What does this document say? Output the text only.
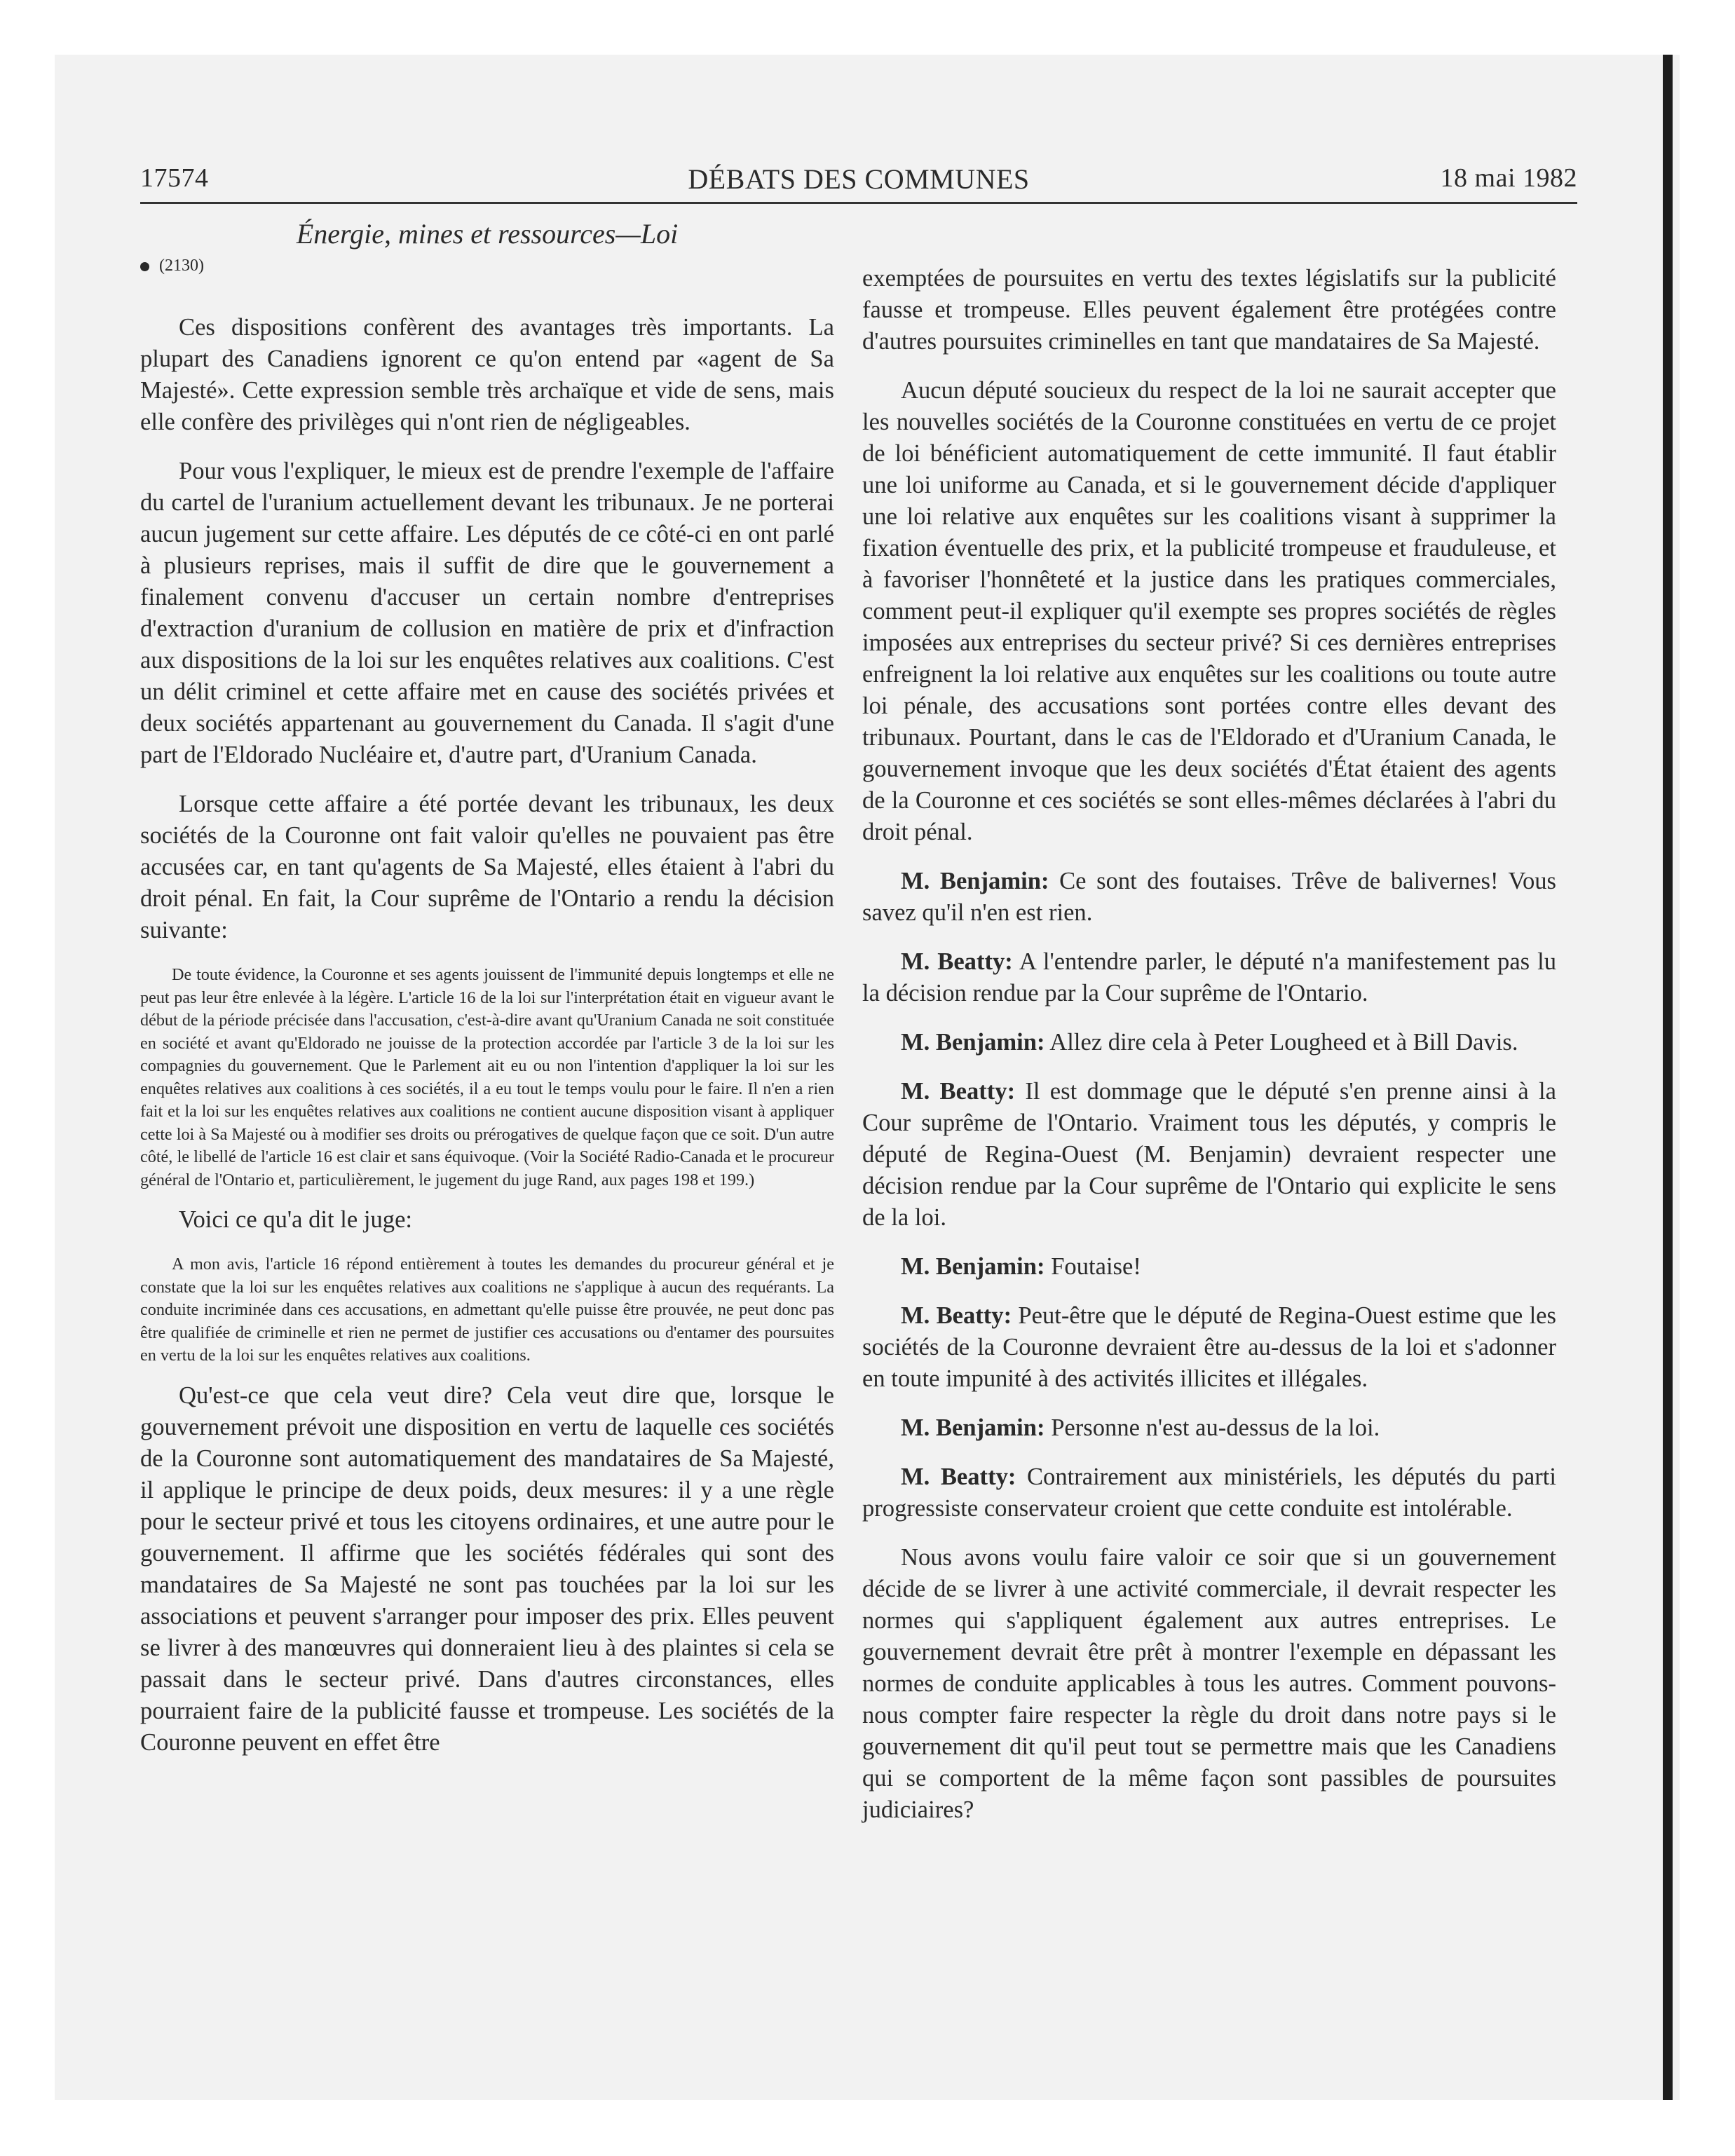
DÉBATS DES COMMUNES
17574	18 mai 1982
Énergie, mines et ressources—Loi
(2130)

Ces dispositions confèrent des avantages très importants. La plupart des Canadiens ignorent ce qu'on entend par «agent de Sa Majesté». Cette expression semble très archaïque et vide de sens, mais elle confère des privilèges qui n'ont rien de négligeables.

Pour vous l'expliquer, le mieux est de prendre l'exemple de l'affaire du cartel de l'uranium actuellement devant les tribunaux. Je ne porterai aucun jugement sur cette affaire. Les députés de ce côté-ci en ont parlé à plusieurs reprises, mais il suffit de dire que le gouvernement a finalement convenu d'accuser un certain nombre d'entreprises d'extraction d'uranium de collusion en matière de prix et d'infraction aux dispositions de la loi sur les enquêtes relatives aux coalitions. C'est un délit criminel et cette affaire met en cause des sociétés privées et deux sociétés appartenant au gouvernement du Canada. Il s'agit d'une part de l'Eldorado Nucléaire et, d'autre part, d'Uranium Canada.

Lorsque cette affaire a été portée devant les tribunaux, les deux sociétés de la Couronne ont fait valoir qu'elles ne pouvaient pas être accusées car, en tant qu'agents de Sa Majesté, elles étaient à l'abri du droit pénal. En fait, la Cour suprême de l'Ontario a rendu la décision suivante:

De toute évidence, la Couronne et ses agents jouissent de l'immunité depuis longtemps et elle ne peut pas leur être enlevée à la légère. L'article 16 de la loi sur l'interprétation était en vigueur avant le début de la période précisée dans l'accusation, c'est-à-dire avant qu'Uranium Canada ne soit constituée en société et avant qu'Eldorado ne jouisse de la protection accordée par l'article 3 de la loi sur les compagnies du gouvernement. Que le Parlement ait eu ou non l'intention d'appliquer la loi sur les enquêtes relatives aux coalitions à ces sociétés, il a eu tout le temps voulu pour le faire. Il n'en a rien fait et la loi sur les enquêtes relatives aux coalitions ne contient aucune disposition visant à appliquer cette loi à Sa Majesté ou à modifier ses droits ou prérogatives de quelque façon que ce soit. D'un autre côté, le libellé de l'article 16 est clair et sans équivoque. (Voir la Société Radio-Canada et le procureur général de l'Ontario et, particulièrement, le jugement du juge Rand, aux pages 198 et 199.)

Voici ce qu'a dit le juge:

A mon avis, l'article 16 répond entièrement à toutes les demandes du procureur général et je constate que la loi sur les enquêtes relatives aux coalitions ne s'applique à aucun des requérants. La conduite incriminée dans ces accusations, en admettant qu'elle puisse être prouvée, ne peut donc pas être qualifiée de criminelle et rien ne permet de justifier ces accusations ou d'entamer des poursuites en vertu de la loi sur les enquêtes relatives aux coalitions.

Qu'est-ce que cela veut dire? Cela veut dire que, lorsque le gouvernement prévoit une disposition en vertu de laquelle ces sociétés de la Couronne sont automatiquement des mandataires de Sa Majesté, il applique le principe de deux poids, deux mesures: il y a une règle pour le secteur privé et tous les citoyens ordinaires, et une autre pour le gouvernement. Il affirme que les sociétés fédérales qui sont des mandataires de Sa Majesté ne sont pas touchées par la loi sur les associations et peuvent s'arranger pour imposer des prix. Elles peuvent se livrer à des manœuvres qui donneraient lieu à des plaintes si cela se passait dans le secteur privé. Dans d'autres circonstances, elles pourraient faire de la publicité fausse et trompeuse. Les sociétés de la Couronne peuvent en effet être

exemptées de poursuites en vertu des textes législatifs sur la publicité fausse et trompeuse. Elles peuvent également être protégées contre d'autres poursuites criminelles en tant que mandataires de Sa Majesté.

Aucun député soucieux du respect de la loi ne saurait accepter que les nouvelles sociétés de la Couronne constituées en vertu de ce projet de loi bénéficient automatiquement de cette immunité. Il faut établir une loi uniforme au Canada, et si le gouvernement décide d'appliquer une loi relative aux enquêtes sur les coalitions visant à supprimer la fixation éventuelle des prix, et la publicité trompeuse et frauduleuse, et à favoriser l'honnêteté et la justice dans les pratiques commerciales, comment peut-il expliquer qu'il exempte ses propres sociétés de règles imposées aux entreprises du secteur privé? Si ces dernières entreprises enfreignent la loi relative aux enquêtes sur les coalitions ou toute autre loi pénale, des accusations sont portées contre elles devant des tribunaux. Pourtant, dans le cas de l'Eldorado et d'Uranium Canada, le gouvernement invoque que les deux sociétés d'État étaient des agents de la Couronne et ces sociétés se sont elles-mêmes déclarées à l'abri du droit pénal.

M. Benjamin: Ce sont des foutaises. Trêve de balivernes! Vous savez qu'il n'en est rien.

M. Beatty: A l'entendre parler, le député n'a manifestement pas lu la décision rendue par la Cour suprême de l'Ontario.

M. Benjamin: Allez dire cela à Peter Lougheed et à Bill Davis.

M. Beatty: Il est dommage que le député s'en prenne ainsi à la Cour suprême de l'Ontario. Vraiment tous les députés, y compris le député de Regina-Ouest (M. Benjamin) devraient respecter une décision rendue par la Cour suprême de l'Ontario qui explicite le sens de la loi.

M. Benjamin: Foutaise!

M. Beatty: Peut-être que le député de Regina-Ouest estime que les sociétés de la Couronne devraient être au-dessus de la loi et s'adonner en toute impunité à des activités illicites et illégales.

M. Benjamin: Personne n'est au-dessus de la loi.

M. Beatty: Contrairement aux ministériels, les députés du parti progressiste conservateur croient que cette conduite est intolérable.

Nous avons voulu faire valoir ce soir que si un gouvernement décide de se livrer à une activité commerciale, il devrait respecter les normes qui s'appliquent également aux autres entreprises. Le gouvernement devrait être prêt à montrer l'exemple en dépassant les normes de conduite applicables à tous les autres. Comment pouvons-nous compter faire respecter la règle du droit dans notre pays si le gouvernement dit qu'il peut tout se permettre mais que les Canadiens qui se comportent de la même façon sont passibles de poursuites judiciaires?
